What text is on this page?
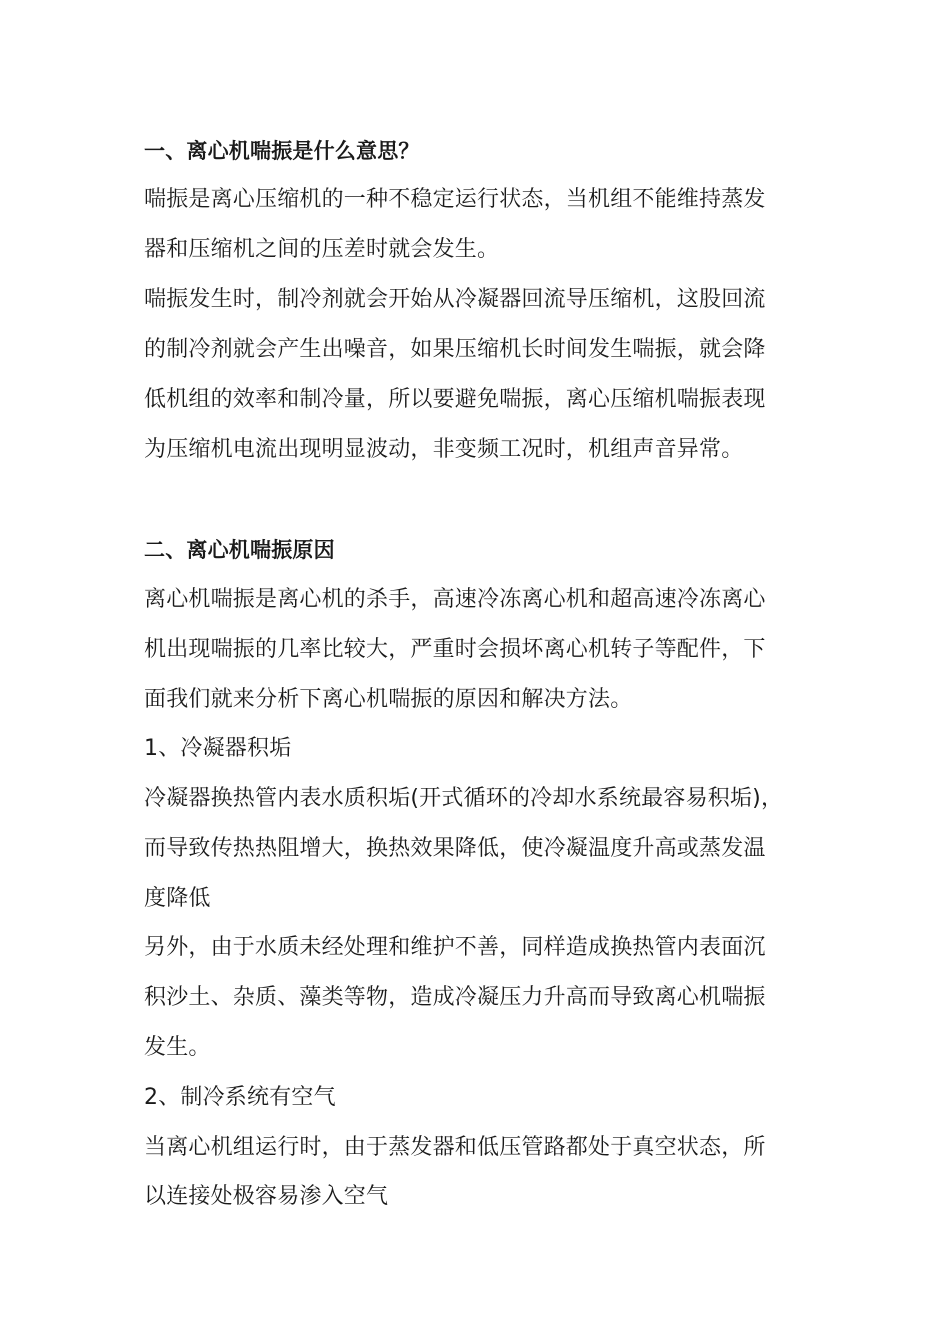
一、离心机喘振是什么意思？
喘振是离心压缩机的一种不稳定运行状态，当机组不能维持蒸发
器和压缩机之间的压差时就会发生。
喘振发生时，制冷剂就会开始从冷凝器回流导压缩机，这股回流
的制冷剂就会产生出噪音，如果压缩机长时间发生喘振，就会降
低机组的效率和制冷量，所以要避免喘振，离心压缩机喘振表现
为压缩机电流出现明显波动，非变频工况时，机组声音异常。
二、离心机喘振原因
离心机喘振是离心机的杀手，高速冷冻离心机和超高速冷冻离心
机出现喘振的几率比较大，严重时会损坏离心机转子等配件，下
面我们就来分析下离心机喘振的原因和解决方法。
1、冷凝器积垢
冷凝器换热管内表水质积垢(开式循环的冷却水系统最容易积垢)，
而导致传热热阻增大，换热效果降低，使冷凝温度升高或蒸发温
度降低
另外，由于水质未经处理和维护不善，同样造成换热管内表面沉
积沙土、杂质、藻类等物，造成冷凝压力升高而导致离心机喘振
发生。
2、制冷系统有空气
当离心机组运行时，由于蒸发器和低压管路都处于真空状态，所
以连接处极容易渗入空气
